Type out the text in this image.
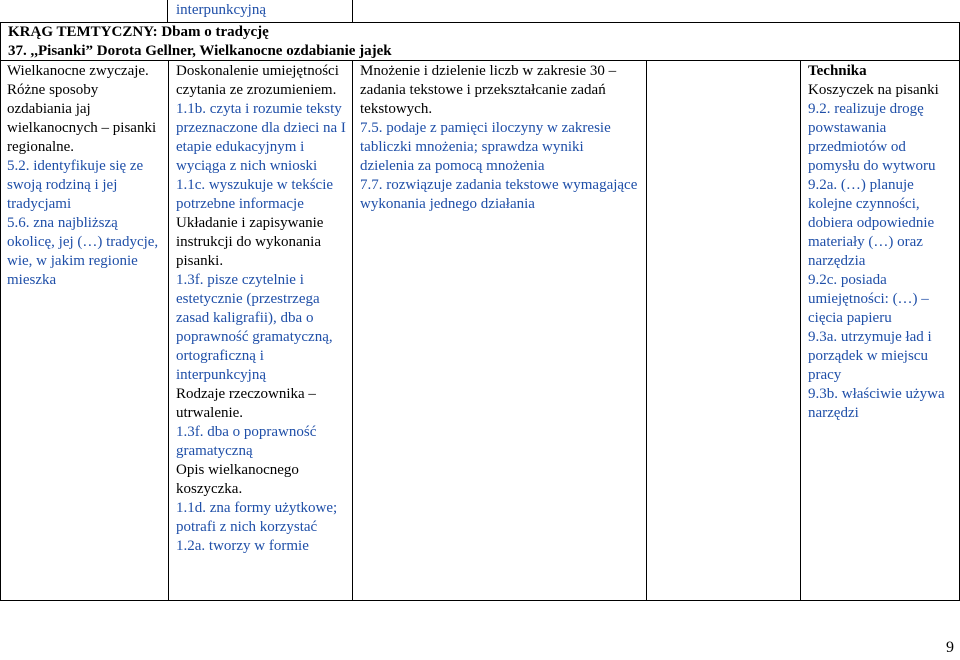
interpunkcyjną
KRĄG TEMTYCZNY: Dbam o tradycję
37. ,,Pisanki” Dorota Gellner, Wielkanocne ozdabianie jajek

Wielkanocne zwyczaje.

Różne sposoby ozdabiania jaj wielkanocnych – pisanki regionalne.

5.2. identyfikuje się ze swoją rodziną i jej tradycjami

5.6. zna najbliższą okolicę, jej (…) tradycje, wie, w jakim regionie mieszka

Doskonalenie umiejętności czytania ze zrozumieniem.

1.1b. czyta i rozumie teksty przeznaczone dla dzieci na I etapie edukacyjnym i wyciąga z nich wnioski

1.1c. wyszukuje w tekście potrzebne informacje

Układanie i zapisywanie instrukcji do wykonania pisanki.

1.3f. pisze czytelnie i estetycznie (przestrzega zasad kaligrafii), dba o poprawność gramatyczną, ortograficzną i interpunkcyjną

Rodzaje rzeczownika – utrwalenie.

1.3f. dba o poprawność gramatyczną

Opis wielkanocnego koszyczka.

1.1d. zna formy użytkowe; potrafi z nich korzystać

1.2a. tworzy w formie

Mnożenie i dzielenie liczb w zakresie 30 – zadania tekstowe i przekształcanie zadań tekstowych.

7.5. podaje z pamięci iloczyny w zakresie tabliczki mnożenia; sprawdza wyniki dzielenia za pomocą mnożenia

7.7. rozwiązuje zadania tekstowe wymagające wykonania jednego działania

Technika

Koszyczek na pisanki

9.2. realizuje drogę powstawania przedmiotów od pomysłu do wytworu

9.2a. (…) planuje kolejne czynności, dobiera odpowiednie materiały (…) oraz narzędzia

9.2c. posiada umiejętności: (…) – cięcia papieru

9.3a. utrzymuje ład i porządek w miejscu pracy

9.3b. właściwie używa narzędzi

9
